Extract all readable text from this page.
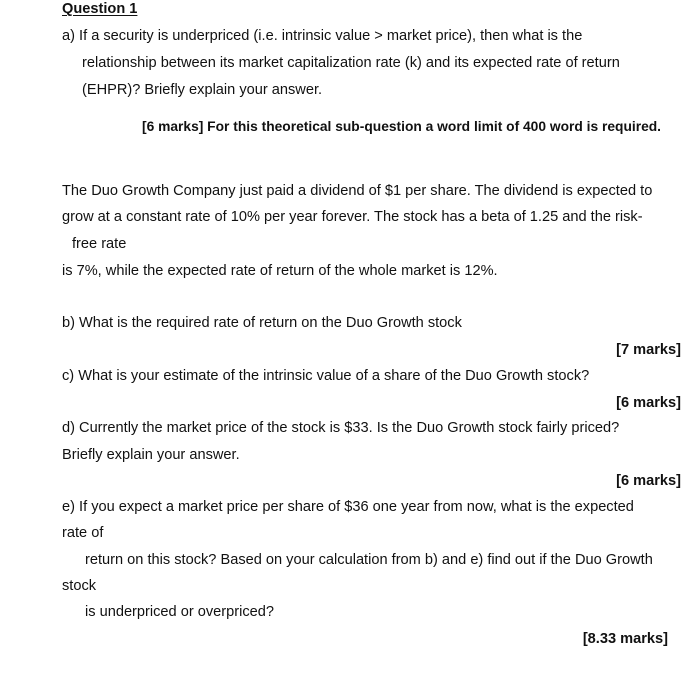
Question 1
a) If a security is underpriced (i.e. intrinsic value > market price), then what is the
relationship between its market capitalization rate (k) and its expected rate of return
(EHPR)? Briefly explain your answer.
[6 marks] For this theoretical sub-question a word limit of 400 word is required.
The Duo Growth Company just paid a dividend of $1 per share. The dividend is expected to
grow at a constant rate of 10% per year forever. The stock has a beta of 1.25 and the risk-
free rate
is 7%, while the expected rate of return of the whole market is 12%.
b) What is the required rate of return on the Duo Growth stock
[7 marks]
c) What is your estimate of the intrinsic value of a share of the Duo Growth stock?
[6 marks]
d) Currently the market price of the stock is $33. Is the Duo Growth stock fairly priced?
Briefly explain your answer.
[6 marks]
e) If you expect a market price per share of $36 one year from now, what is the expected
rate of
return on this stock? Based on your calculation from b) and e) find out if the Duo Growth
stock
is underpriced or overpriced?
[8.33 marks]
